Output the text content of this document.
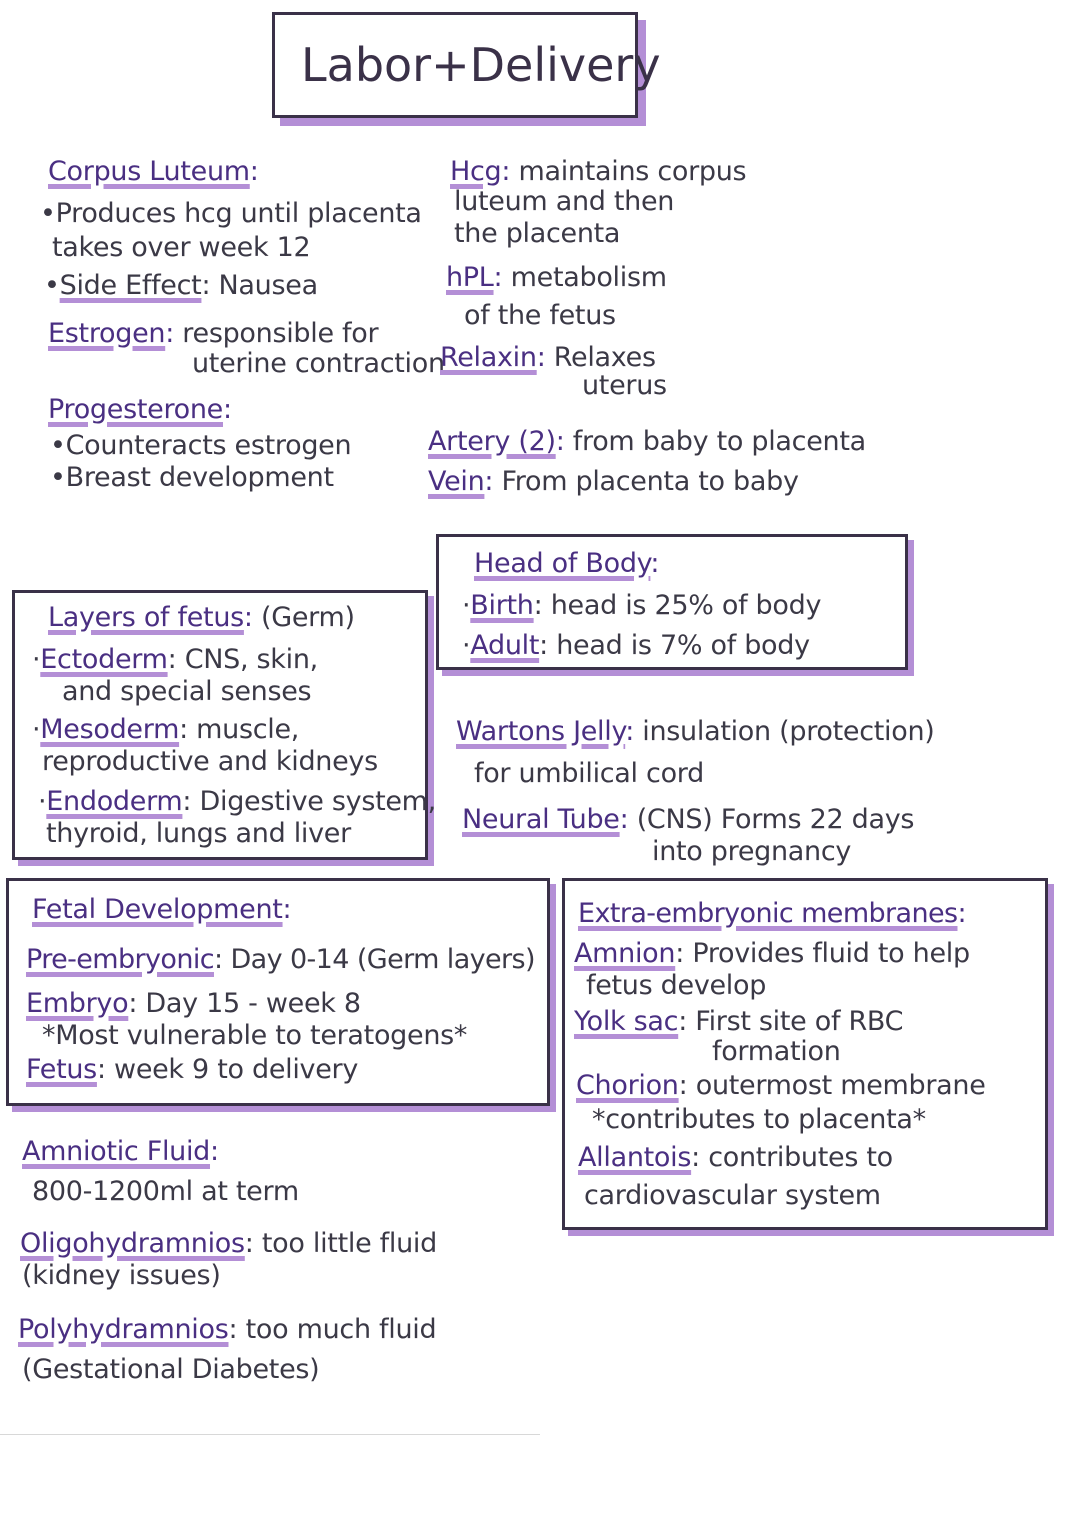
Labor+Delivery
Corpus Luteum:
•Produces hcg until placenta
takes over week 12
•Side Effect: Nausea
Estrogen: responsible for
uterine contraction
Progesterone:
•Counteracts estrogen
•Breast development
Hcg: maintains corpus
luteum and then
the placenta
hPL: metabolism
of the fetus
Relaxin: Relaxes
uterus
Artery (2): from baby to placenta
Vein: From placenta to baby
Head of Body:
·Birth: head is 25% of body
·Adult: head is 7% of body
Layers of fetus: (Germ)
·Ectoderm: CNS, skin,
and special senses
·Mesoderm: muscle,
reproductive and kidneys
·Endoderm: Digestive system,
thyroid, lungs and liver
Wartons Jelly: insulation (protection)
for umbilical cord
Neural Tube: (CNS) Forms 22 days
into pregnancy
Fetal Development:
Pre-embryonic: Day 0-14 (Germ layers)
Embryo: Day 15 - week 8
*Most vulnerable to teratogens*
Fetus: week 9 to delivery
Extra-embryonic membranes:
Amnion: Provides fluid to help
fetus develop
Yolk sac: First site of RBC
formation
Chorion: outermost membrane
*contributes to placenta*
Allantois: contributes to
cardiovascular system
Amniotic Fluid:
800-1200ml at term
Oligohydramnios: too little fluid
(kidney issues)
Polyhydramnios: too much fluid
(Gestational Diabetes)
